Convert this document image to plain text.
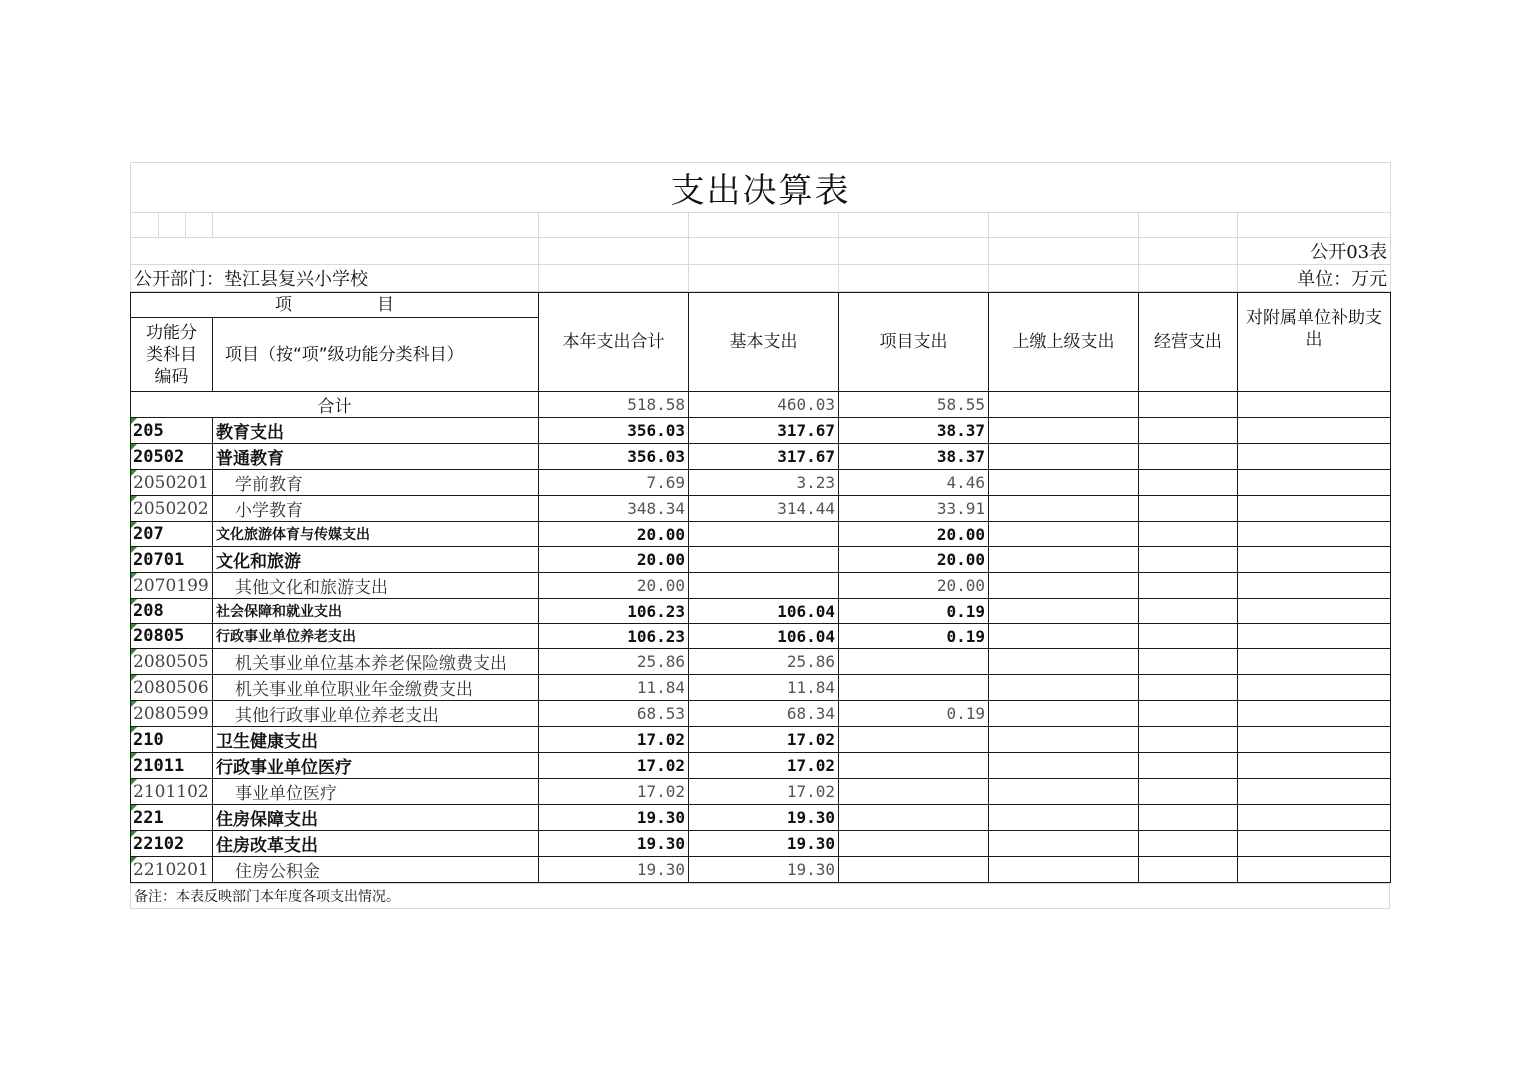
支出决算表									

									公开03表
公开部门：垫江县复兴小学校									单位：万元
项　　　　　目		本年支出合计	基本支出	项目支出	上缴上级支出	经营支出	对附属单位补助支出
功能分类科目编码	项目（按“项”级功能分类科目）						
合计		518.58	460.03	58.55			
205	教育支出	356.03	317.67	38.37			
20502	普通教育	356.03	317.67	38.37			
2050201	学前教育	7.69	3.23	4.46			
2050202	小学教育	348.34	314.44	33.91			
207	文化旅游体育与传媒支出	20.00		20.00			
20701	文化和旅游	20.00		20.00			
2070199	其他文化和旅游支出	20.00		20.00			
208	社会保障和就业支出	106.23	106.04	0.19			
20805	行政事业单位养老支出	106.23	106.04	0.19			
2080505	机关事业单位基本养老保险缴费支出	25.86	25.86				
2080506	机关事业单位职业年金缴费支出	11.84	11.84				
2080599	其他行政事业单位养老支出	68.53	68.34	0.19			
210	卫生健康支出	17.02	17.02				
21011	行政事业单位医疗	17.02	17.02				
2101102	事业单位医疗	17.02	17.02				
221	住房保障支出	19.30	19.30				
22102	住房改革支出	19.30	19.30				
2210201	住房公积金	19.30	19.30				
备注：本表反映部门本年度各项支出情况。
